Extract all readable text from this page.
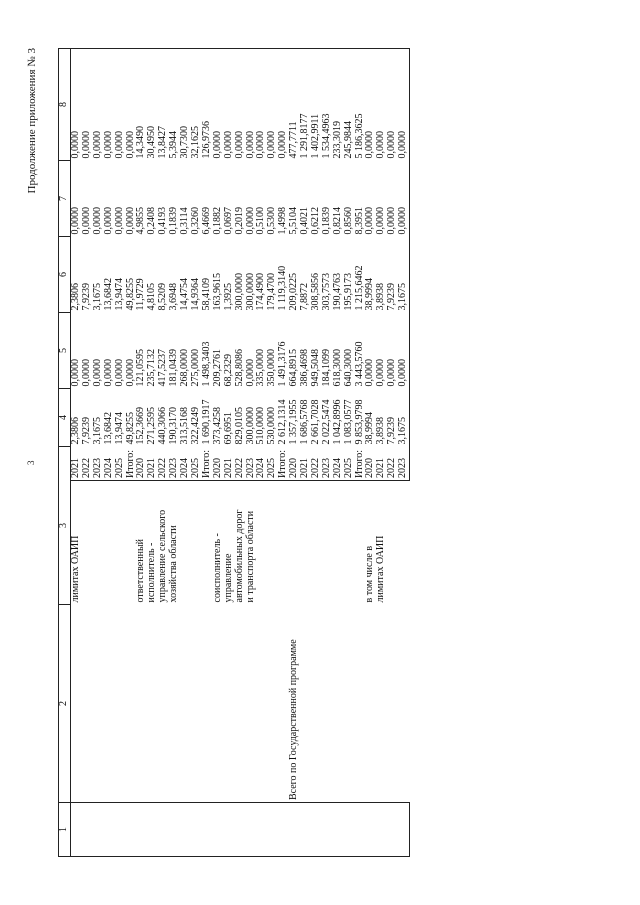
3
Продолжение приложения № 3
1	2	3		4	5	6	7	8
		лимитах ОАИП	2021	2,3806	0,0000	2,3806	0,0000	0,0000
			2022	7,9239	0,0000	7,9239	0,0000	0,0000
			2023	3,1675	0,0000	3,1675	0,0000	0,0000
			2024	13,6842	0,0000	13,6842	0,0000	0,0000
			2025	13,9474	0,0000	13,9474	0,0000	0,0000
			Итого:	49,8255	0,0000	49,8255	0,0000	0,0000
		ответственный	2020	152,3669	121,0595	11,9729	4,9855	14,3490
		исполнитель -	2021	271,2595	235,7132	4,8105	0,2408	30,4950
		управление сельского	2022	440,3066	417,5237	8,5209	0,4193	13,8427
		хозяйства области	2023	190,3170	181,0439	3,6948	0,1839	5,3944
			2024	313,5168	268,0000	14,4754	0,3114	30,7300
			2025	322,4249	275,0000	14,9364	0,3260	32,1625
			Итого:	1 690,1917	1 498,3403	58,4109	6,4669	126,9736
		соисполнитель -	2020	373,4258	209,2761	163,9615	0,1882	0,0000
		управление	2021	69,6951	68,2329	1,3925	0,0697	0,0000
		автомобильных дорог	2022	829,0105	528,8086	300,0000	0,2019	0,0000
		и транспорта области	2023	300,0000	0,0000	300,0000	0,0000	0,0000
			2024	510,0000	335,0000	174,4900	0,5100	0,0000
			2025	530,0000	350,0000	179,4700	0,5300	0,0000
			Итого:	2 612,1314	1 491,3176	1 119,3140	1,4998	0,0000
	Всего по Государственной программе		2020	1 357,1955	664,8915	209,0225	5,5104	477,7711
			2021	1 686,5768	386,4698	7,8872	0,4021	1 291,8177
			2022	2 661,7028	949,5048	308,5856	0,6212	1 402,9911
			2023	2 022,5474	184,1099	303,7573	0,1839	1 534,4963
			2024	1 042,8996	618,3000	190,4763	0,8214	233,3019
			2025	1 083,0577	640,3000	195,9173	0,8560	245,9844
			Итого:	9 853,9798	3 443,5760	1 215,6462	8,3951	5 186,3625
		в том числе в	2020	38,9994	0,0000	38,9994	0,0000	0,0000
		лимитах ОАИП	2021	3,8938	0,0000	3,8938	0,0000	0,0000
			2022	7,9239	0,0000	7,9239	0,0000	0,0000
			2023	3,1675	0,0000	3,1675	0,0000	0,0000
